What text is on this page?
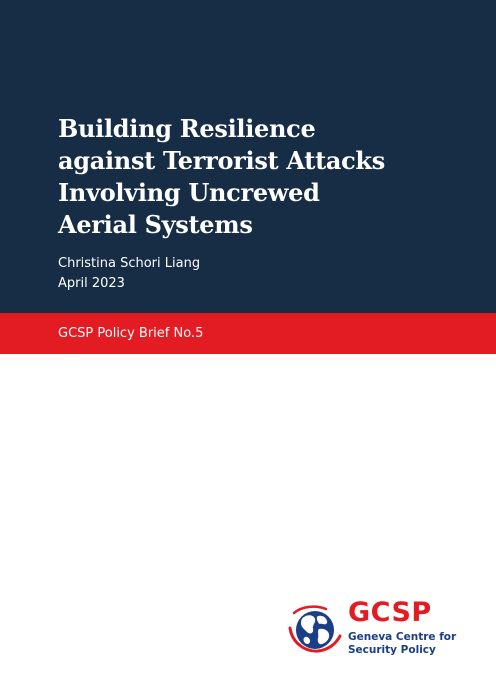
Building Resilience
against Terrorist Attacks
Involving Uncrewed
Aerial Systems

Christina Schori Liang

April 2023

GCSP Policy Brief No.5

GCSP
Geneva Centre for
Security Policy
